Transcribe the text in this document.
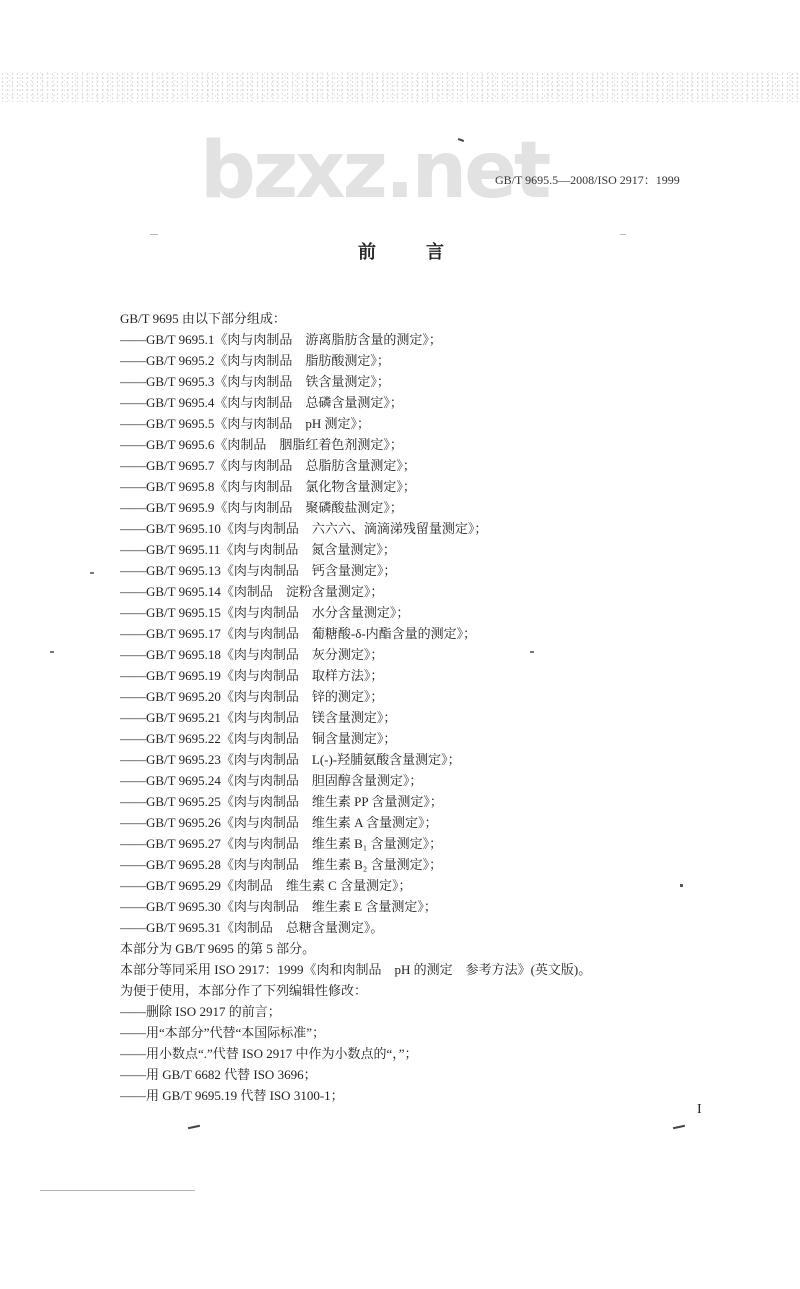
bzxz.net
GB/T 9695.5—2008/ISO 2917：1999
前　言
GB/T 9695 由以下部分组成：
——GB/T 9695.1《肉与肉制品　游离脂肪含量的测定》；
——GB/T 9695.2《肉与肉制品　脂肪酸测定》；
——GB/T 9695.3《肉与肉制品　铁含量测定》；
——GB/T 9695.4《肉与肉制品　总磷含量测定》；
——GB/T 9695.5《肉与肉制品　pH 测定》；
——GB/T 9695.6《肉制品　胭脂红着色剂测定》；
——GB/T 9695.7《肉与肉制品　总脂肪含量测定》；
——GB/T 9695.8《肉与肉制品　氯化物含量测定》；
——GB/T 9695.9《肉与肉制品　聚磷酸盐测定》；
——GB/T 9695.10《肉与肉制品　六六六、滴滴涕残留量测定》；
——GB/T 9695.11《肉与肉制品　氮含量测定》；
——GB/T 9695.13《肉与肉制品　钙含量测定》；
——GB/T 9695.14《肉制品　淀粉含量测定》；
——GB/T 9695.15《肉与肉制品　水分含量测定》；
——GB/T 9695.17《肉与肉制品　葡糖酸-δ-内酯含量的测定》；
——GB/T 9695.18《肉与肉制品　灰分测定》；
——GB/T 9695.19《肉与肉制品　取样方法》；
——GB/T 9695.20《肉与肉制品　锌的测定》；
——GB/T 9695.21《肉与肉制品　镁含量测定》；
——GB/T 9695.22《肉与肉制品　铜含量测定》；
——GB/T 9695.23《肉与肉制品　L(-)-羟脯氨酸含量测定》；
——GB/T 9695.24《肉与肉制品　胆固醇含量测定》；
——GB/T 9695.25《肉与肉制品　维生素 PP 含量测定》；
——GB/T 9695.26《肉与肉制品　维生素 A 含量测定》；
——GB/T 9695.27《肉与肉制品　维生素 B₁ 含量测定》；
——GB/T 9695.28《肉与肉制品　维生素 B₂ 含量测定》；
——GB/T 9695.29《肉制品　维生素 C 含量测定》；
——GB/T 9695.30《肉与肉制品　维生素 E 含量测定》；
——GB/T 9695.31《肉制品　总糖含量测定》。
本部分为 GB/T 9695 的第 5 部分。
本部分等同采用 ISO 2917：1999《肉和肉制品　pH 的测定　参考方法》(英文版)。
为便于使用，本部分作了下列编辑性修改：
——删除 ISO 2917 的前言；
——用“本部分”代替“本国际标准”；
——用小数点“.”代替 ISO 2917 中作为小数点的“，”；
——用 GB/T 6682 代替 ISO 3696；
——用 GB/T 9695.19 代替 ISO 3100-1；
I
